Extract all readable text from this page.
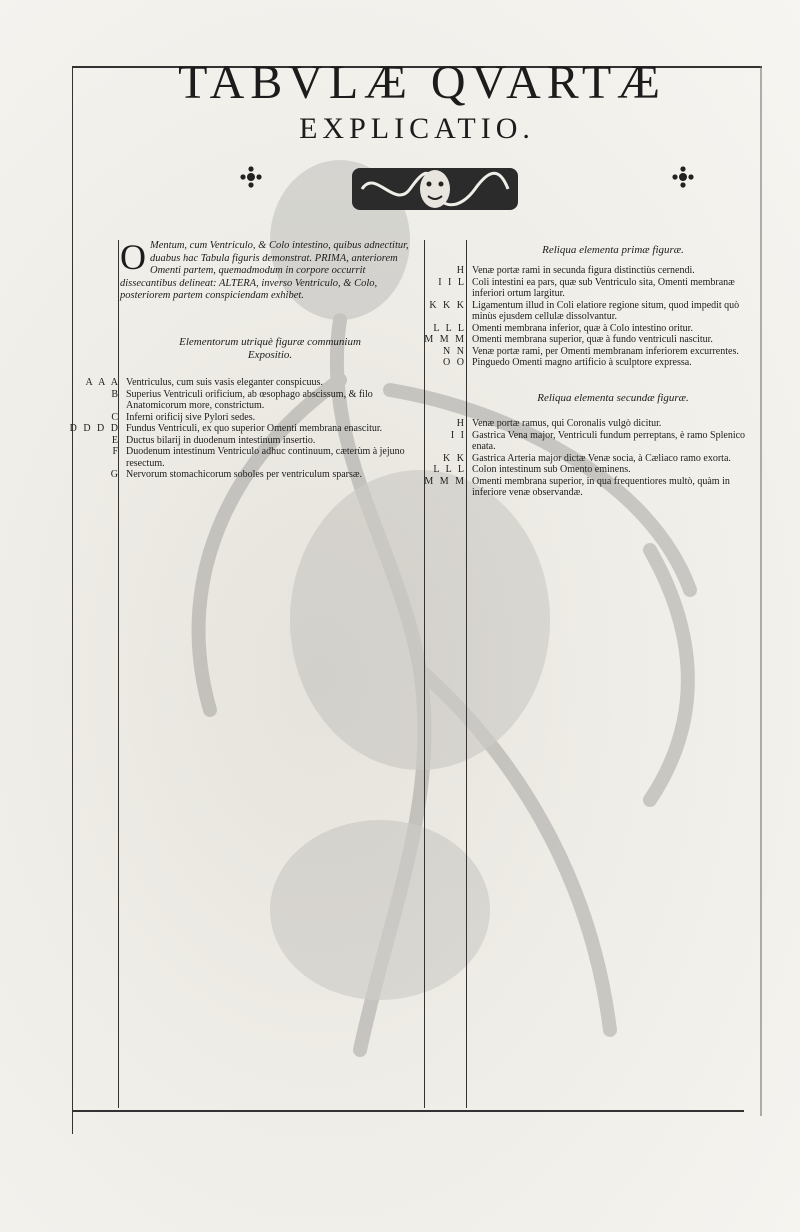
TABVLÆ QVARTÆ
EXPLICATIO.
O Mentum, cum Ventriculo, & Colo intestino, quibus adnectitur, duabus hac Tabula figuris demonstrat. PRIMA, anteriorem Omenti partem, quemadmodum in corpore occurrit dissecantibus delineat: ALTERA, inverso Ventriculo, & Colo, posteriorem partem conspiciendam exhibet.
Elementorum utriquè figuræ communium Expositio.
A A A Ventriculus, cum suis vasis eleganter conspicuus.
B Superius Ventriculi orificium, ab œsophago abscissum, & filo Anatomicorum more, constrictum.
C Inferni orificij sive Pylori sedes.
D D D D Fundus Ventriculi, ex quo superior Omenti membrana enascitur.
E Ductus bilarij in duodenum intestinum insertio.
F Duodenum intestinum Ventriculo adhuc continuum, cæterùm à jejuno resectum.
G Nervorum stomachicorum soboles per ventriculum sparsæ.
Reliqua elementa primæ figuræ.
H Venæ portæ rami in secunda figura distinctiùs cernendi.
I I L Coli intestini ea pars, quæ sub Ventriculo sita, Omenti membranæ inferiori ortum largitur.
K K K Ligamentum illud in Coli elatiore regione situm, quod impedit quò minùs ejusdem cellulæ dissolvantur.
L L L Omenti membrana inferior, quæ à Colo intestino oritur.
M M M Omenti membrana superior, quæ à fundo ventriculi nascitur.
N N Venæ portæ rami, per Omenti membranam inferiorem excurrentes.
O O Pinguedo Omenti magno artificio à sculptore expressa.
Reliqua elementa secundæ figuræ.
H Venæ portæ ramus, qui Coronalis vulgò dicitur.
I I Gastrica Vena major, Ventriculi fundum perreptans, è ramo Splenico enata.
K K Gastrica Arteria major dictæ Venæ socia, à Cæliaco ramo exorta.
L L L Colon intestinum sub Omento eminens.
M M M Omenti membrana superior, in qua frequentiores multò, quàm in inferiore venæ observandæ.
